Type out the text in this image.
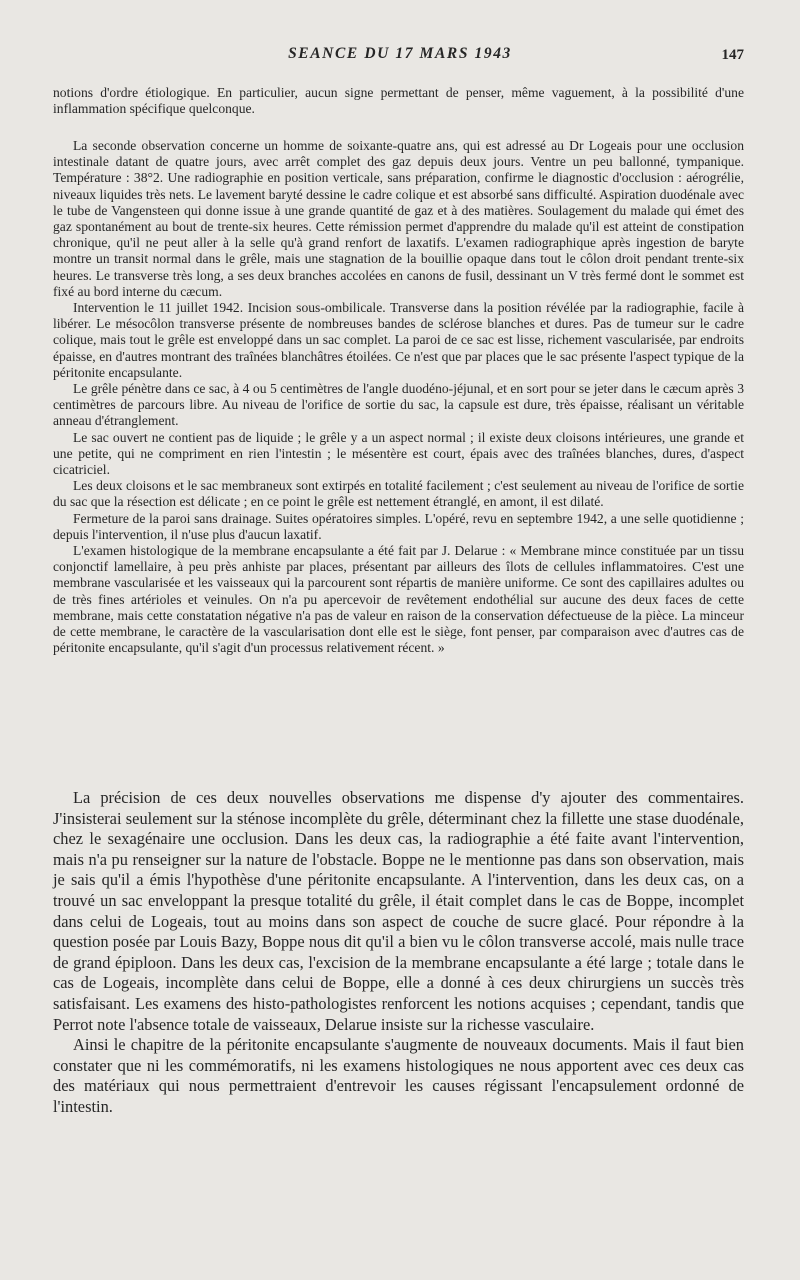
SEANCE DU 17 MARS 1943	147

notions d'ordre étiologique. En particulier, aucun signe permettant de penser, même vaguement, à la possibilité d'une inflammation spécifique quelconque.

La seconde observation concerne un homme de soixante-quatre ans, qui est adressé au Dr Logeais pour une occlusion intestinale datant de quatre jours, avec arrêt complet des gaz depuis deux jours. Ventre un peu ballonné, tympanique. Température : 38°2. Une radiographie en position verticale, sans préparation, confirme le diagnostic d'occlusion : aérogrélie, niveaux liquides très nets. Le lavement baryté dessine le cadre colique et est absorbé sans difficulté. Aspiration duodénale avec le tube de Vangensteen qui donne issue à une grande quantité de gaz et à des matières. Soulagement du malade qui émet des gaz spontanément au bout de trente-six heures. Cette rémission permet d'apprendre du malade qu'il est atteint de constipation chronique, qu'il ne peut aller à la selle qu'à grand renfort de laxatifs. L'examen radiographique après ingestion de baryte montre un transit normal dans le grêle, mais une stagnation de la bouillie opaque dans tout le côlon droit pendant trente-six heures. Le transverse très long, a ses deux branches accolées en canons de fusil, dessinant un V très fermé dont le sommet est fixé au bord interne du cæcum.

Intervention le 11 juillet 1942. Incision sous-ombilicale. Transverse dans la position révélée par la radiographie, facile à libérer. Le mésocôlon transverse présente de nombreuses bandes de sclérose blanches et dures. Pas de tumeur sur le cadre colique, mais tout le grêle est enveloppé dans un sac complet. La paroi de ce sac est lisse, richement vascularisée, par endroits épaisse, en d'autres montrant des traînées blanchâtres étoilées. Ce n'est que par places que le sac présente l'aspect typique de la péritonite encapsulante.

Le grêle pénètre dans ce sac, à 4 ou 5 centimètres de l'angle duodéno-jéjunal, et en sort pour se jeter dans le cæcum après 3 centimètres de parcours libre. Au niveau de l'orifice de sortie du sac, la capsule est dure, très épaisse, réalisant un véritable anneau d'étranglement.

Le sac ouvert ne contient pas de liquide ; le grêle y a un aspect normal ; il existe deux cloisons intérieures, une grande et une petite, qui ne compriment en rien l'intestin ; le mésentère est court, épais avec des traînées blanches, dures, d'aspect cicatriciel.

Les deux cloisons et le sac membraneux sont extirpés en totalité facilement ; c'est seulement au niveau de l'orifice de sortie du sac que la résection est délicate ; en ce point le grêle est nettement étranglé, en amont, il est dilaté.

Fermeture de la paroi sans drainage. Suites opératoires simples. L'opéré, revu en septembre 1942, a une selle quotidienne ; depuis l'intervention, il n'use plus d'aucun laxatif.

L'examen histologique de la membrane encapsulante a été fait par J. Delarue : « Membrane mince constituée par un tissu conjonctif lamellaire, à peu près anhiste par places, présentant par ailleurs des îlots de cellules inflammatoires. C'est une membrane vascularisée et les vaisseaux qui la parcourent sont répartis de manière uniforme. Ce sont des capillaires adultes ou de très fines artérioles et veinules. On n'a pu apercevoir de revêtement endothélial sur aucune des deux faces de cette membrane, mais cette constatation négative n'a pas de valeur en raison de la conservation défectueuse de la pièce. La minceur de cette membrane, le caractère de la vascularisation dont elle est le siège, font penser, par comparaison avec d'autres cas de péritonite encapsulante, qu'il s'agit d'un processus relativement récent. »

La précision de ces deux nouvelles observations me dispense d'y ajouter des commentaires. J'insisterai seulement sur la sténose incomplète du grêle, déterminant chez la fillette une stase duodénale, chez le sexagénaire une occlusion. Dans les deux cas, la radiographie a été faite avant l'intervention, mais n'a pu renseigner sur la nature de l'obstacle. Boppe ne le mentionne pas dans son observation, mais je sais qu'il a émis l'hypothèse d'une péritonite encapsulante. A l'intervention, dans les deux cas, on a trouvé un sac enveloppant la presque totalité du grêle, il était complet dans le cas de Boppe, incomplet dans celui de Logeais, tout au moins dans son aspect de couche de sucre glacé. Pour répondre à la question posée par Louis Bazy, Boppe nous dit qu'il a bien vu le côlon transverse accolé, mais nulle trace de grand épiploon. Dans les deux cas, l'excision de la membrane encapsulante a été large ; totale dans le cas de Logeais, incomplète dans celui de Boppe, elle a donné à ces deux chirurgiens un succès très satisfaisant. Les examens des histo-pathologistes renforcent les notions acquises ; cependant, tandis que Perrot note l'absence totale de vaisseaux, Delarue insiste sur la richesse vasculaire.

Ainsi le chapitre de la péritonite encapsulante s'augmente de nouveaux documents. Mais il faut bien constater que ni les commémoratifs, ni les examens histologiques ne nous apportent avec ces deux cas des matériaux qui nous permettraient d'entrevoir les causes régissant l'encapsulement ordonné de l'intestin.
